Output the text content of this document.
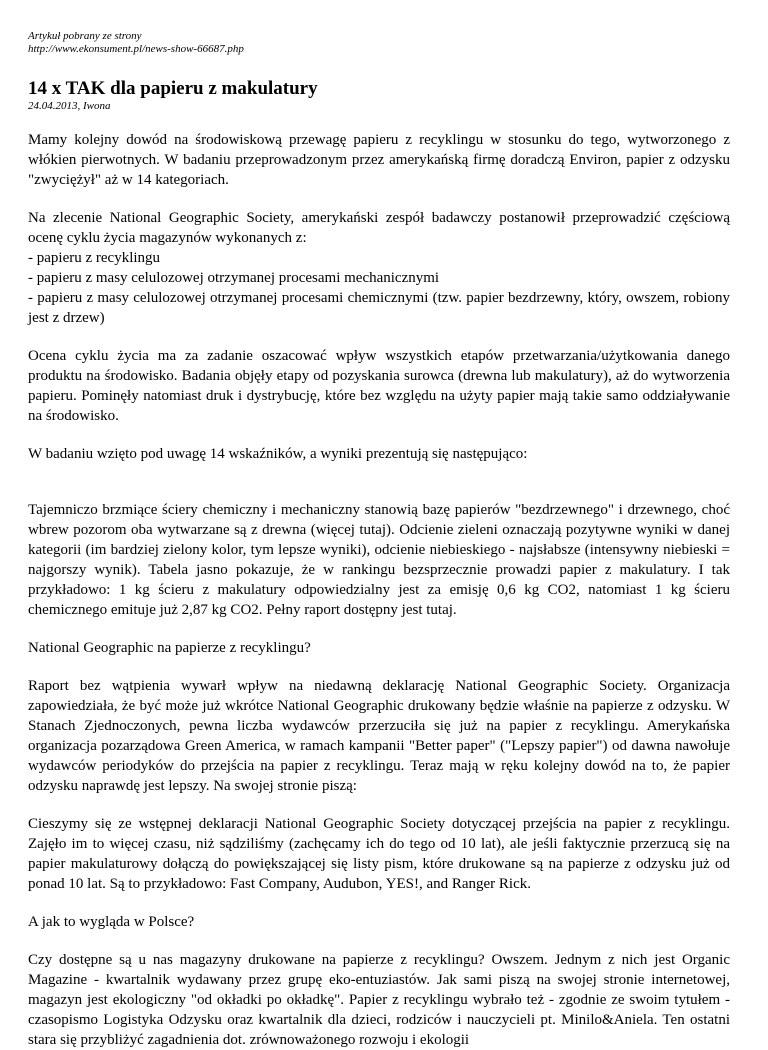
Artykuł pobrany ze strony
http://www.ekonsument.pl/news-show-66687.php
14 x TAK dla papieru z makulatury
24.04.2013, Iwona

Mamy kolejny dowód na środowiskową przewagę papieru z recyklingu w stosunku do tego, wytworzonego z włókien pierwotnych. W badaniu przeprowadzonym przez amerykańską firmę doradczą Environ, papier z odzysku "zwyciężył" aż w 14 kategoriach.

Na zlecenie National Geographic Society, amerykański zespół badawczy postanowił przeprowadzić częściową ocenę cyklu życia magazynów wykonanych z:

- papieru z recyklingu
- papieru z masy celulozowej otrzymanej procesami mechanicznymi
- papieru z masy celulozowej otrzymanej procesami chemicznymi (tzw. papier bezdrzewny, który, owszem, robiony jest z drzew)

Ocena cyklu życia ma za zadanie oszacować wpływ wszystkich etapów przetwarzania/użytkowania danego produktu na środowisko. Badania objęły etapy od pozyskania surowca (drewna lub makulatury), aż do wytworzenia papieru. Pominęły natomiast druk i dystrybucję, które bez względu na użyty papier mają takie samo oddziaływanie na środowisko.

W badaniu wzięto pod uwagę 14 wskaźników, a wyniki prezentują się następująco:

Tajemniczo brzmiące ściery chemiczny i mechaniczny stanowią bazę papierów "bezdrzewnego" i drzewnego, choć wbrew pozorom oba wytwarzane są z drewna (więcej tutaj). Odcienie zieleni oznaczają pozytywne wyniki w danej kategorii (im bardziej zielony kolor, tym lepsze wyniki), odcienie niebieskiego - najsłabsze (intensywny niebieski = najgorszy wynik). Tabela jasno pokazuje, że w rankingu bezsprzecznie prowadzi papier z makulatury. I tak przykładowo: 1 kg ścieru z makulatury odpowiedzialny jest za emisję 0,6 kg CO2, natomiast 1 kg ścieru chemicznego emituje już 2,87 kg CO2. Pełny raport dostępny jest tutaj.

National Geographic na papierze z recyklingu?

Raport bez wątpienia wywarł wpływ na niedawną deklarację National Geographic Society. Organizacja zapowiedziała, że być może już wkrótce National Geographic drukowany będzie właśnie na papierze z odzysku. W Stanach Zjednoczonych, pewna liczba wydawców przerzuciła się już na papier z recyklingu. Amerykańska organizacja pozarządowa Green America, w ramach kampanii "Better paper" ("Lepszy papier") od dawna nawołuje wydawców periodyków do przejścia na papier z recyklingu. Teraz mają w ręku kolejny dowód na to, że papier odzysku naprawdę jest lepszy. Na swojej stronie piszą:

Cieszymy się ze wstępnej deklaracji National Geographic Society dotyczącej przejścia na papier z recyklingu. Zajęło im to więcej czasu, niż sądziliśmy (zachęcamy ich do tego od 10 lat), ale jeśli faktycznie przerzucą się na papier makulaturowy dołączą do powiększającej się listy pism, które drukowane są na papierze z odzysku już od ponad 10 lat. Są to przykładowo: Fast Company, Audubon, YES!, and Ranger Rick.

A jak to wygląda w Polsce?

Czy dostępne są u nas magazyny drukowane na papierze z recyklingu? Owszem. Jednym z nich jest Organic Magazine - kwartalnik wydawany przez grupę eko-entuziastów. Jak sami piszą na swojej stronie internetowej, magazyn jest ekologiczny "od okładki po okładkę". Papier z recyklingu wybrało też - zgodnie ze swoim tytułem - czasopismo Logistyka Odzysku oraz kwartalnik dla dzieci, rodziców i nauczycieli pt. Minilo&Aniela. Ten ostatni stara się przybliżyć zagadnienia dot. zrównoważonego rozwoju i ekologii
